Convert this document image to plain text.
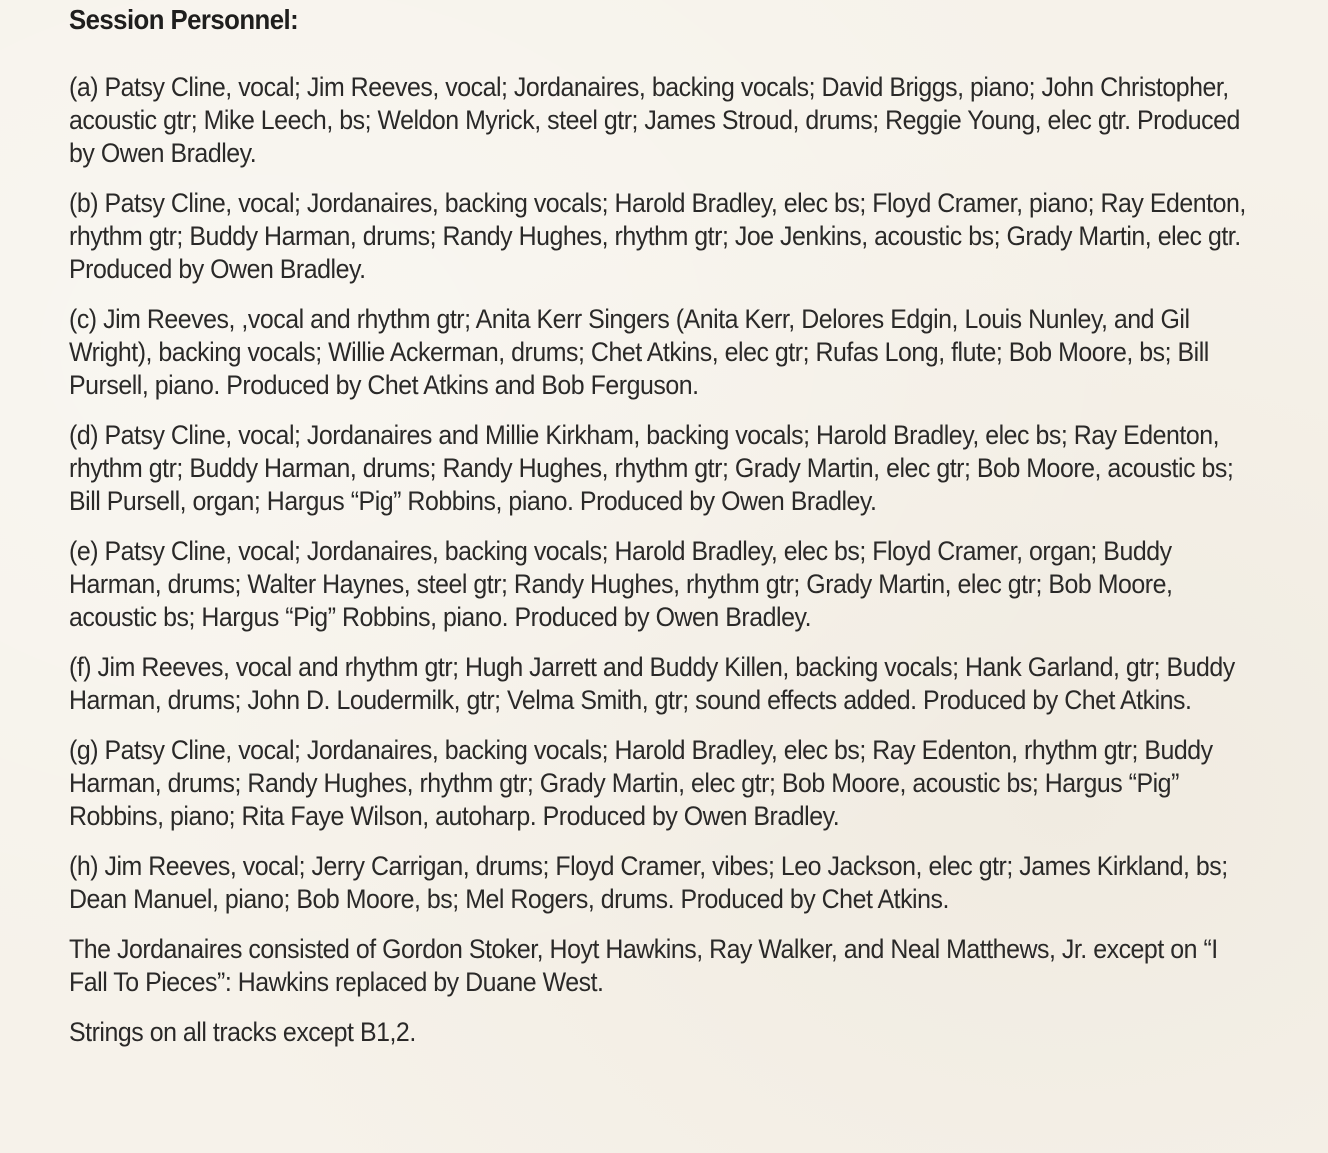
Session Personnel:

(a) Patsy Cline, vocal; Jim Reeves, vocal; Jordanaires, backing vocals; David Briggs, piano; John Christopher, acoustic gtr; Mike Leech, bs; Weldon Myrick, steel gtr; James Stroud, drums; Reggie Young, elec gtr. Produced by Owen Bradley.

(b) Patsy Cline, vocal; Jordanaires, backing vocals; Harold Bradley, elec bs; Floyd Cramer, piano; Ray Edenton, rhythm gtr; Buddy Harman, drums; Randy Hughes, rhythm gtr; Joe Jenkins, acoustic bs; Grady Martin, elec gtr. Produced by Owen Bradley.

(c) Jim Reeves, ,vocal and rhythm gtr; Anita Kerr Singers (Anita Kerr, Delores Edgin, Louis Nunley, and Gil Wright), backing vocals; Willie Ackerman, drums; Chet Atkins, elec gtr; Rufas Long, flute; Bob Moore, bs; Bill Pursell, piano. Produced by Chet Atkins and Bob Ferguson.

(d) Patsy Cline, vocal; Jordanaires and Millie Kirkham, backing vocals; Harold Bradley, elec bs; Ray Edenton, rhythm gtr; Buddy Harman, drums; Randy Hughes, rhythm gtr; Grady Martin, elec gtr; Bob Moore, acoustic bs; Bill Pursell, organ; Hargus “Pig” Robbins, piano. Produced by Owen Bradley.

(e) Patsy Cline, vocal; Jordanaires, backing vocals; Harold Bradley, elec bs; Floyd Cramer, organ; Buddy Harman, drums; Walter Haynes, steel gtr; Randy Hughes, rhythm gtr; Grady Martin, elec gtr; Bob Moore, acoustic bs; Hargus “Pig” Robbins, piano. Produced by Owen Bradley.

(f) Jim Reeves, vocal and rhythm gtr; Hugh Jarrett and Buddy Killen, backing vocals; Hank Garland, gtr; Buddy Harman, drums; John D. Loudermilk, gtr; Velma Smith, gtr; sound effects added. Produced by Chet Atkins.

(g) Patsy Cline, vocal; Jordanaires, backing vocals; Harold Bradley, elec bs; Ray Edenton, rhythm gtr; Buddy Harman, drums; Randy Hughes, rhythm gtr; Grady Martin, elec gtr; Bob Moore, acoustic bs; Hargus “Pig” Robbins, piano; Rita Faye Wilson, autoharp. Produced by Owen Bradley.

(h) Jim Reeves, vocal; Jerry Carrigan, drums; Floyd Cramer, vibes; Leo Jackson, elec gtr; James Kirkland, bs; Dean Manuel, piano; Bob Moore, bs; Mel Rogers, drums. Produced by Chet Atkins.

The Jordanaires consisted of Gordon Stoker, Hoyt Hawkins, Ray Walker, and Neal Matthews, Jr. except on “I Fall To Pieces”: Hawkins replaced by Duane West.

Strings on all tracks except B1,2.
